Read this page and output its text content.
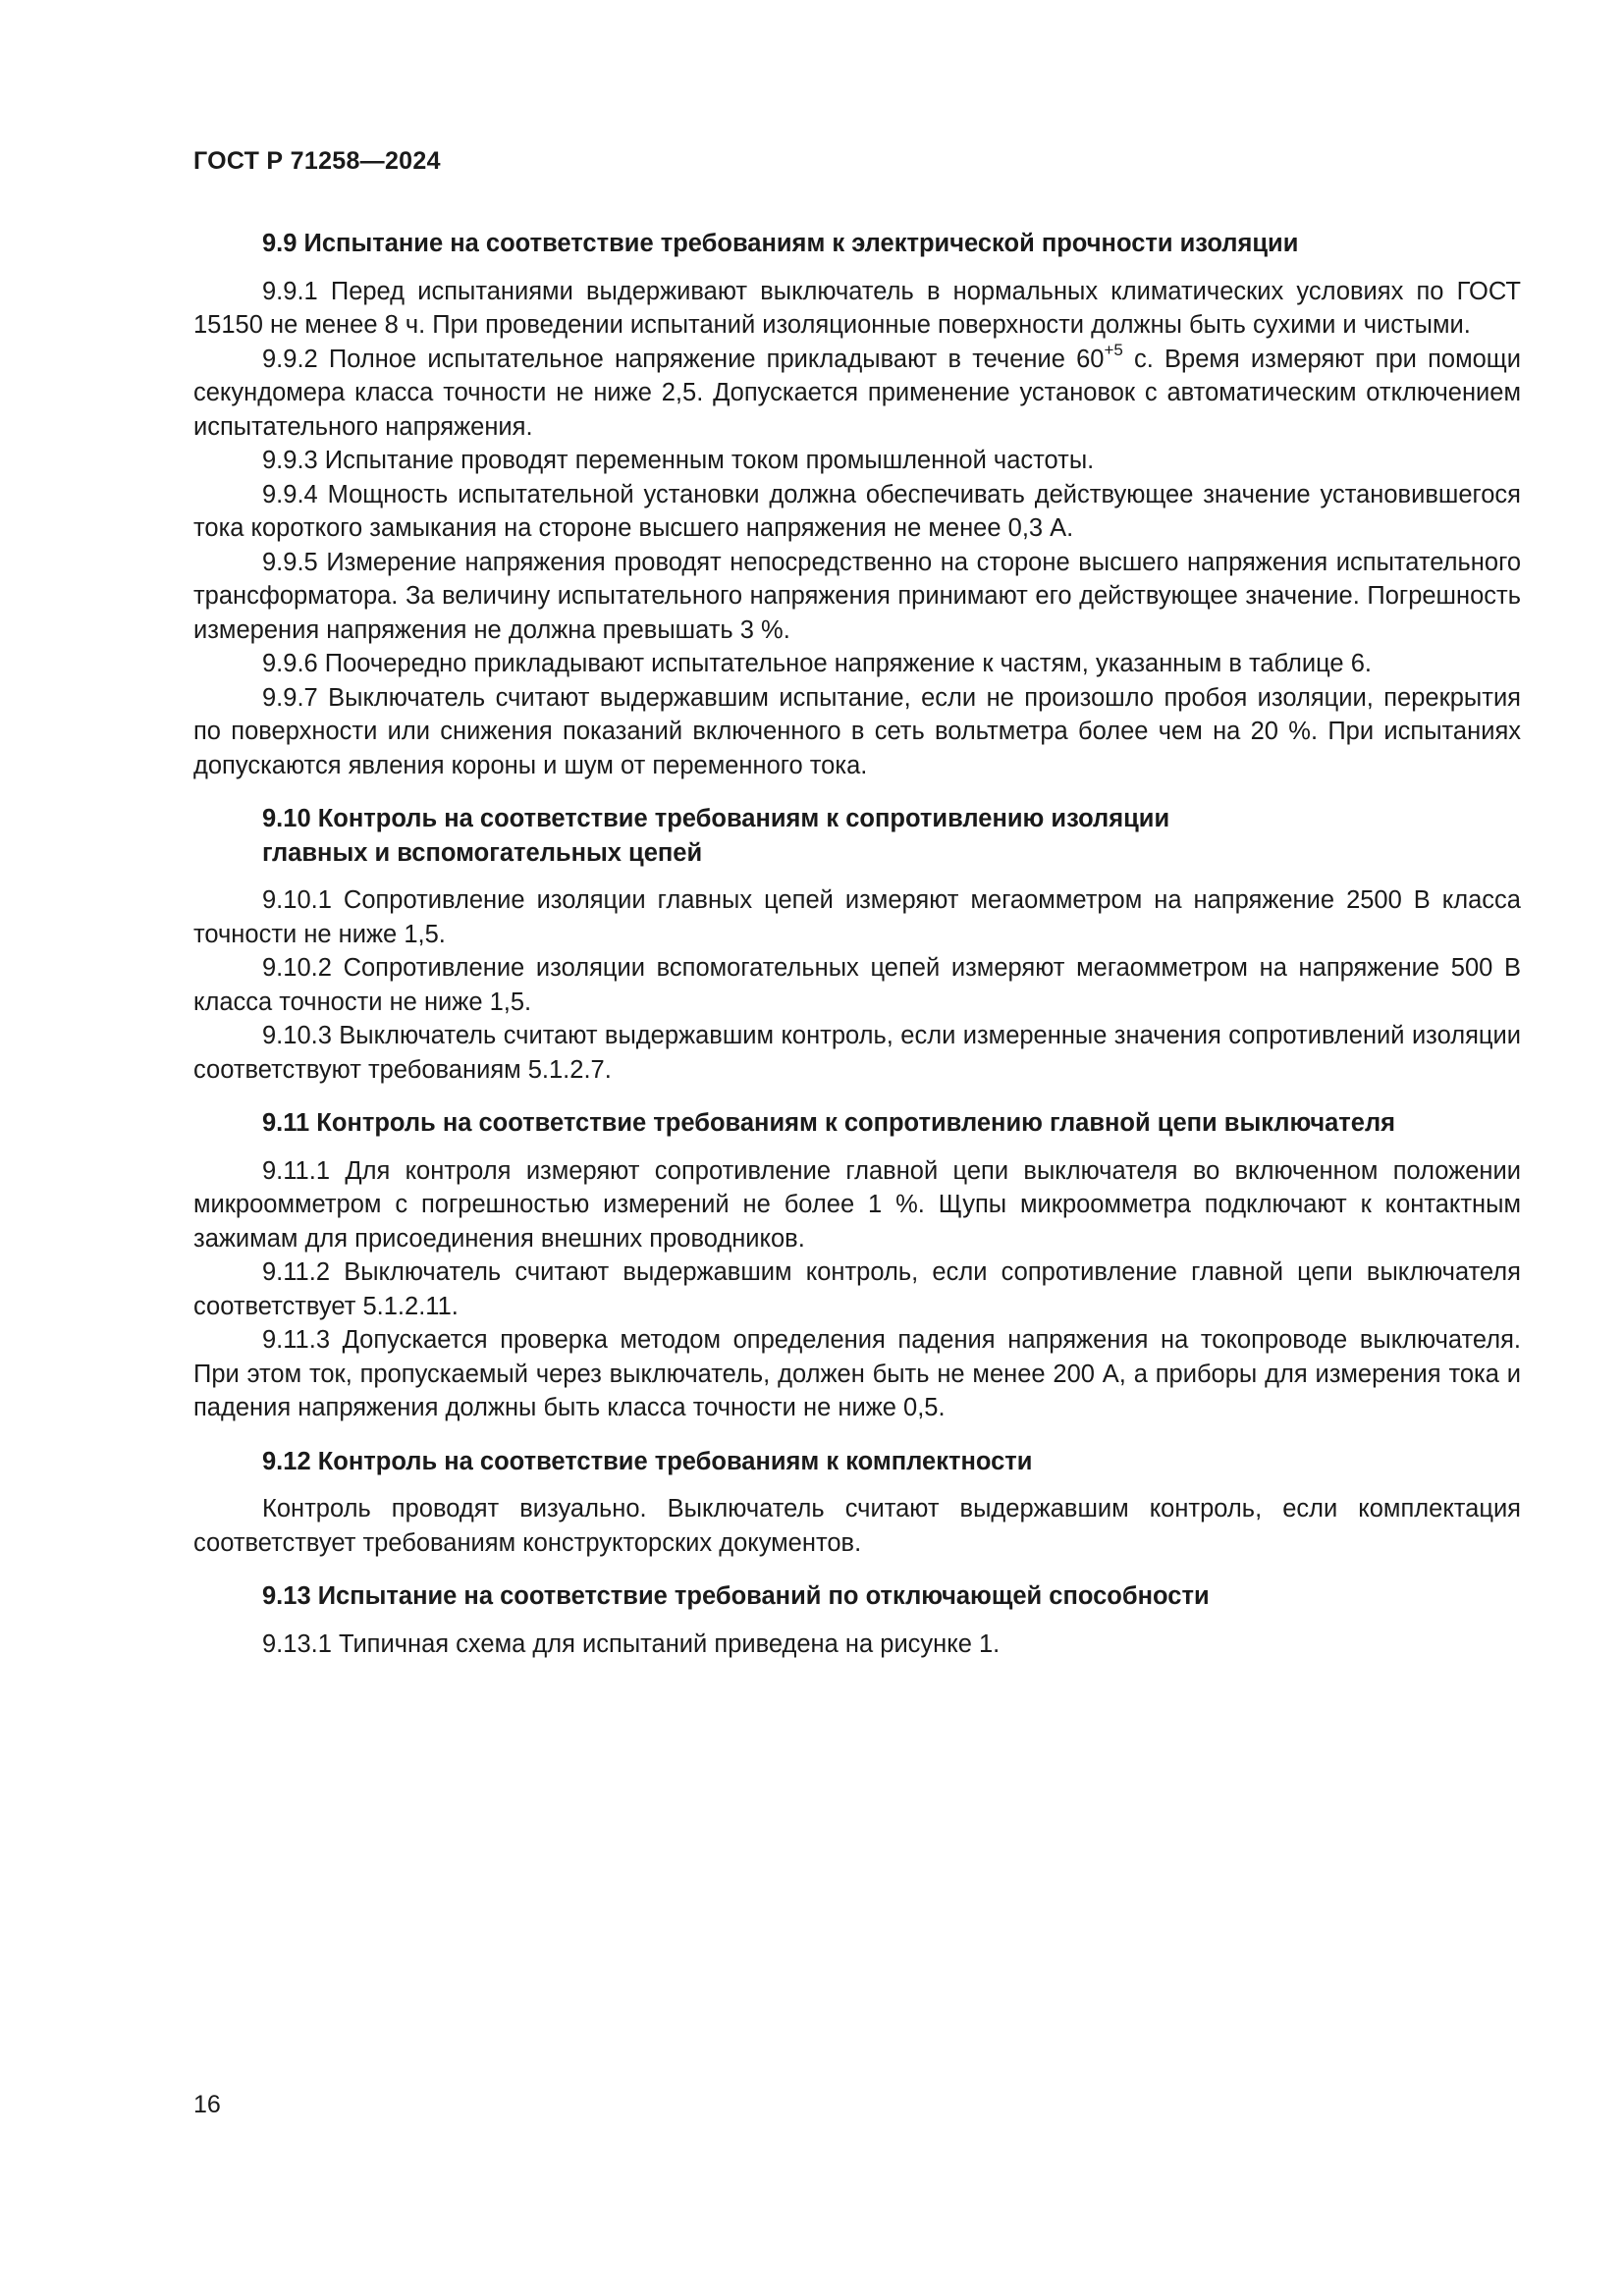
ГОСТ Р 71258—2024

9.9 Испытание на соответствие требованиям к электрической прочности изоляции

9.9.1 Перед испытаниями выдерживают выключатель в нормальных климатических условиях по ГОСТ 15150 не менее 8 ч. При проведении испытаний изоляционные поверхности должны быть сухими и чистыми.

9.9.2 Полное испытательное напряжение прикладывают в течение $60^{+5}$ с. Время измеряют при помощи секундомера класса точности не ниже 2,5. Допускается применение установок с автоматическим отключением испытательного напряжения.

9.9.3 Испытание проводят переменным током промышленной частоты.

9.9.4 Мощность испытательной установки должна обеспечивать действующее значение установившегося тока короткого замыкания на стороне высшего напряжения не менее 0,3 А.

9.9.5 Измерение напряжения проводят непосредственно на стороне высшего напряжения испытательного трансформатора. За величину испытательного напряжения принимают его действующее значение. Погрешность измерения напряжения не должна превышать 3 %.

9.9.6 Поочередно прикладывают испытательное напряжение к частям, указанным в таблице 6.

9.9.7 Выключатель считают выдержавшим испытание, если не произошло пробоя изоляции, перекрытия по поверхности или снижения показаний включенного в сеть вольтметра более чем на 20 %. При испытаниях допускаются явления короны и шум от переменного тока.

9.10 Контроль на соответствие требованиям к сопротивлению изоляции
главных и вспомогательных цепей

9.10.1 Сопротивление изоляции главных цепей измеряют мегаомметром на напряжение 2500 В класса точности не ниже 1,5.

9.10.2 Сопротивление изоляции вспомогательных цепей измеряют мегаомметром на напряжение 500 В класса точности не ниже 1,5.

9.10.3 Выключатель считают выдержавшим контроль, если измеренные значения сопротивлений изоляции соответствуют требованиям 5.1.2.7.

9.11 Контроль на соответствие требованиям к сопротивлению главной цепи выключателя

9.11.1 Для контроля измеряют сопротивление главной цепи выключателя во включенном положении микроомметром с погрешностью измерений не более 1 %. Щупы микроомметра подключают к контактным зажимам для присоединения внешних проводников.

9.11.2 Выключатель считают выдержавшим контроль, если сопротивление главной цепи выключателя соответствует 5.1.2.11.

9.11.3 Допускается проверка методом определения падения напряжения на токопроводе выключателя. При этом ток, пропускаемый через выключатель, должен быть не менее 200 А, а приборы для измерения тока и падения напряжения должны быть класса точности не ниже 0,5.

9.12 Контроль на соответствие требованиям к комплектности

Контроль проводят визуально. Выключатель считают выдержавшим контроль, если комплектация соответствует требованиям конструкторских документов.

9.13 Испытание на соответствие требований по отключающей способности

9.13.1 Типичная схема для испытаний приведена на рисунке 1.

16
